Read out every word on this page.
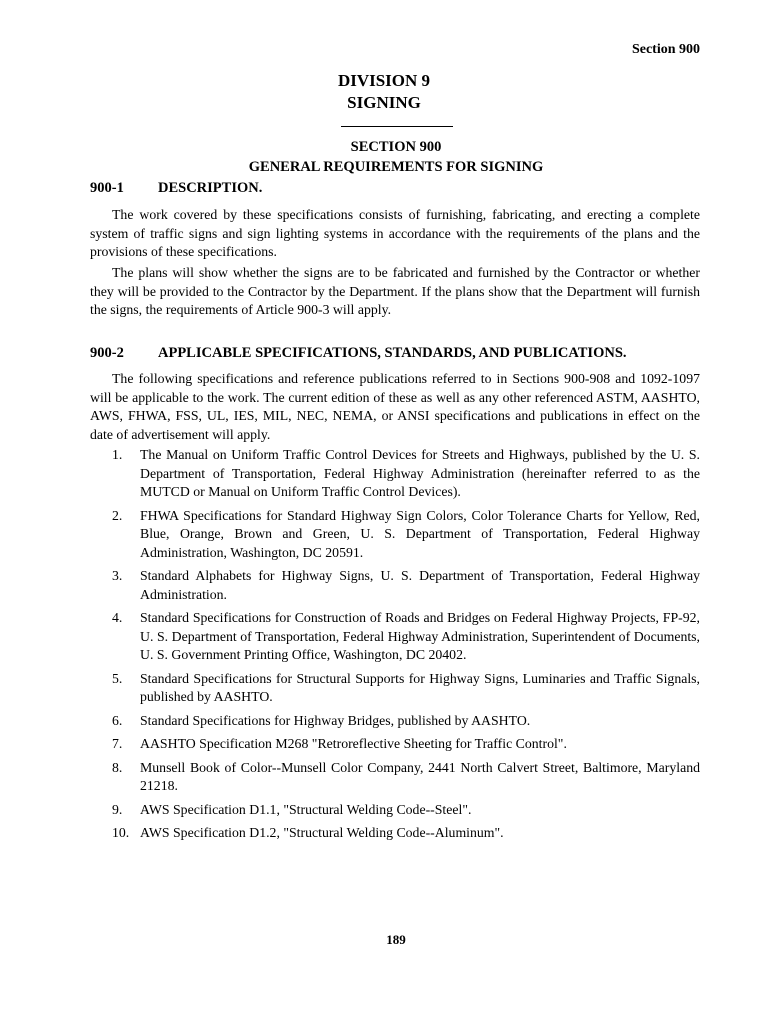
Section 900
DIVISION 9
SIGNING
SECTION 900
GENERAL REQUIREMENTS FOR SIGNING
900-1 DESCRIPTION.
The work covered by these specifications consists of furnishing, fabricating, and erecting a complete system of traffic signs and sign lighting systems in accordance with the requirements of the plans and the provisions of these specifications.
The plans will show whether the signs are to be fabricated and furnished by the Contractor or whether they will be provided to the Contractor by the Department. If the plans show that the Department will furnish the signs, the requirements of Article 900-3 will apply.
900-2 APPLICABLE SPECIFICATIONS, STANDARDS, AND PUBLICATIONS.
The following specifications and reference publications referred to in Sections 900-908 and 1092-1097 will be applicable to the work. The current edition of these as well as any other referenced ASTM, AASHTO, AWS, FHWA, FSS, UL, IES, MIL, NEC, NEMA, or ANSI specifications and publications in effect on the date of advertisement will apply.
1.	The Manual on Uniform Traffic Control Devices for Streets and Highways, published by the U. S. Department of Transportation, Federal Highway Administration (hereinafter referred to as the MUTCD or Manual on Uniform Traffic Control Devices).
2.	FHWA Specifications for Standard Highway Sign Colors, Color Tolerance Charts for Yellow, Red, Blue, Orange, Brown and Green, U. S. Department of Transportation, Federal Highway Administration, Washington, DC 20591.
3.	Standard Alphabets for Highway Signs, U. S. Department of Transportation, Federal Highway Administration.
4.	Standard Specifications for Construction of Roads and Bridges on Federal Highway Projects, FP-92, U. S. Department of Transportation, Federal Highway Administration, Superintendent of Documents, U. S. Government Printing Office, Washington, DC 20402.
5.	Standard Specifications for Structural Supports for Highway Signs, Luminaries and Traffic Signals, published by AASHTO.
6.	Standard Specifications for Highway Bridges, published by AASHTO.
7.	AASHTO Specification M268 "Retroreflective Sheeting for Traffic Control".
8.	Munsell Book of Color--Munsell Color Company, 2441 North Calvert Street, Baltimore, Maryland 21218.
9.	AWS Specification D1.1, "Structural Welding Code--Steel".
10. AWS Specification D1.2, "Structural Welding Code--Aluminum".
189
